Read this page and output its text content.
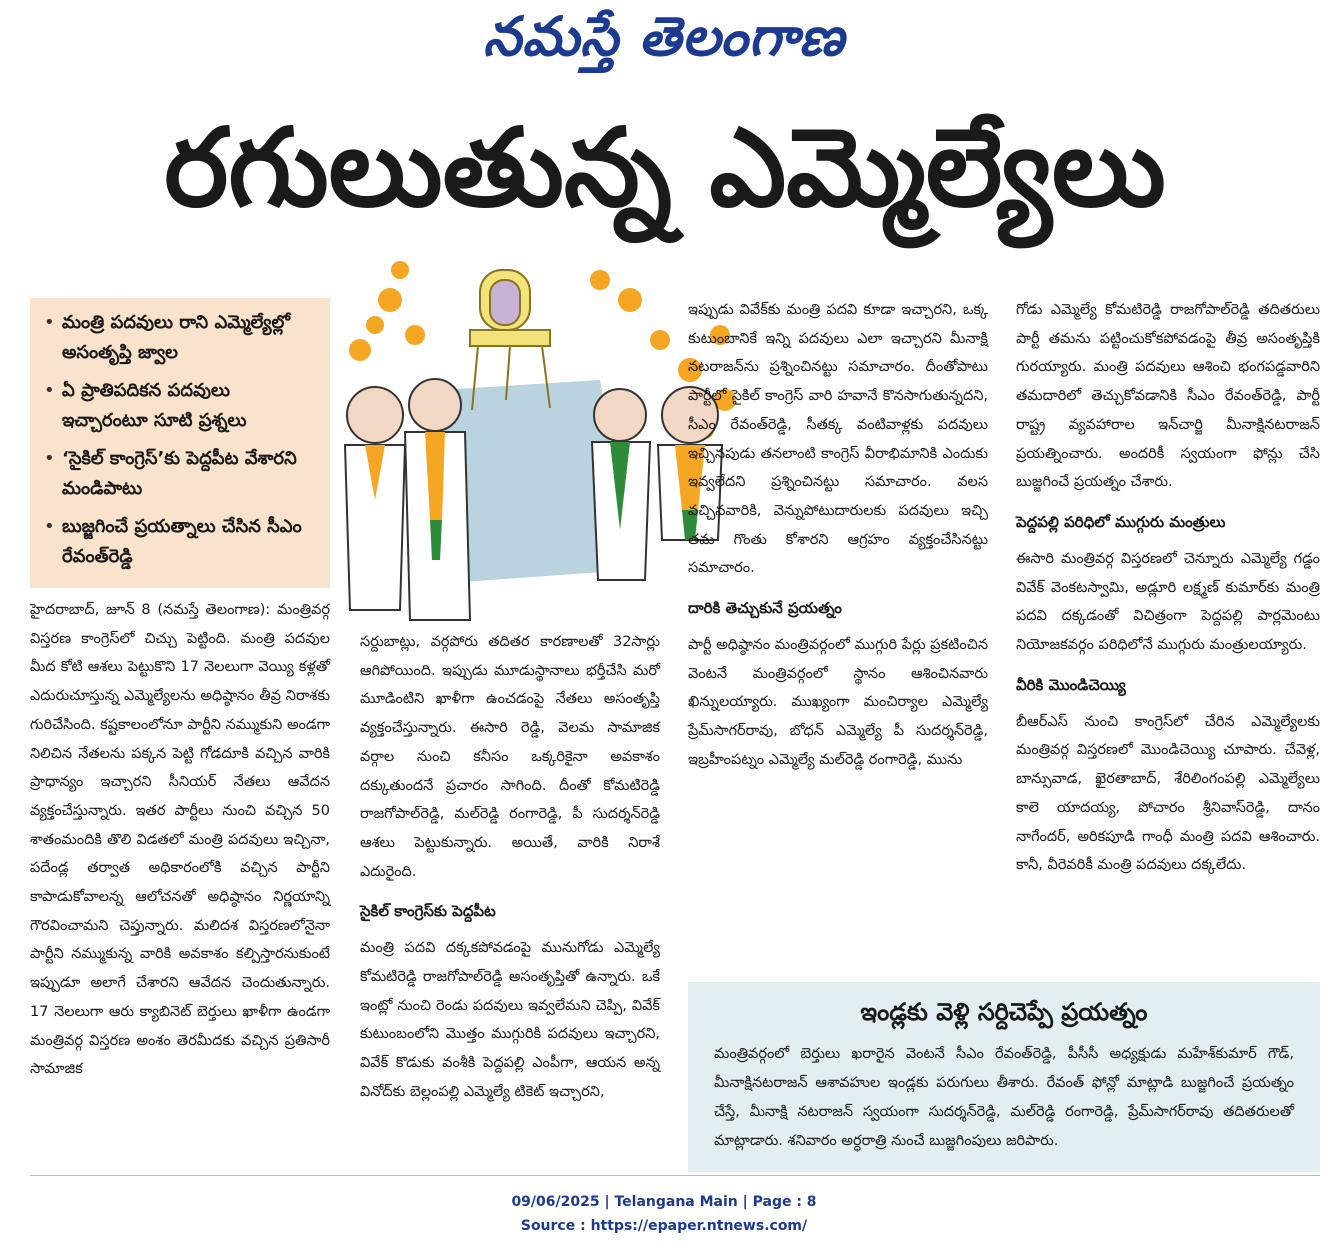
నమస్తే తెలంగాణ
రగులుతున్న ఎమ్మెల్యేలు
• మంత్రి పదవులు రాని ఎమ్మెల్యేల్లో అసంతృప్తి జ్వాల
• ఏ ప్రాతిపదికన పదవులు ఇచ్చారంటూ సూటి ప్రశ్నలు
• ‘సైకిల్ కాంగ్రెస్’కు పెద్దపీట వేశారని మండిపాటు
• బుజ్జగించే ప్రయత్నాలు చేసిన సీఎం రేవంత్‌రెడ్డి

హైదరాబాద్, జూన్ 8 (నమస్తే తెలంగాణ): మంత్రివర్గ విస్తరణ కాంగ్రెస్‌లో చిచ్చు పెట్టింది. మంత్రి పదవుల మీద కోటి ఆశలు పెట్టుకొని 17 నెలలుగా వెయ్యి కళ్లతో ఎదురుచూస్తున్న ఎమ్మెల్యేలను అధిష్ఠానం తీవ్ర నిరాశకు గురిచేసింది. కష్టకాలంలోనూ పార్టీని నమ్ముకుని అండగా నిలిచిన నేతలను పక్కన పెట్టి గోడదూకి వచ్చిన వారికి ప్రాధాన్యం ఇచ్చారని సీనియర్ నేతలు ఆవేదన వ్యక్తంచేస్తున్నారు. ఇతర పార్టీలు నుంచి వచ్చిన 50 శాతంమందికి తొలి విడతలో మంత్రి పదవులు ఇచ్చినా, పదేండ్ల తర్వాత అధికారంలోకి వచ్చిన పార్టీని కాపాడుకోవాలన్న ఆలోచనతో అధిష్ఠానం నిర్ణయాన్ని గౌరవించామని చెప్తున్నారు. మలిదశ విస్తరణలోనైనా పార్టీని నమ్ముకున్న వారికి అవకాశం కల్పిస్తారనుకుంటే ఇప్పుడూ అలాగే చేశారని ఆవేదన చెందుతున్నారు. 17 నెలలుగా ఆరు క్యాబినెట్ బెర్తులు ఖాళీగా ఉండగా మంత్రివర్గ విస్తరణ అంశం తెరమీదకు వచ్చిన ప్రతిసారీ సామాజిక

సర్దుబాట్లు, వర్గపోరు తదితర కారణాలతో 32సార్లు ఆగిపోయింది. ఇప్పుడు మూడుస్థానాలు భర్తీచేసి మరో మూడింటిని ఖాళీగా ఉంచడంపై నేతలు అసంతృప్తి వ్యక్తంచేస్తున్నారు. ఈసారి రెడ్డి, వెలమ సామాజిక వర్గాల నుంచి కనీసం ఒక్కరికైనా అవకాశం దక్కుతుందనే ప్రచారం సాగింది. దీంతో కోమటిరెడ్డి రాజగోపాల్‌రెడ్డి, మల్‌రెడ్డి రంగారెడ్డి, పీ సుదర్శన్‌రెడ్డి ఆశలు పెట్టుకున్నారు. అయితే, వారికి నిరాశే ఎదురైంది.

సైకిల్ కాంగ్రెస్‌కు పెద్దపీట

మంత్రి పదవి దక్కకపోవడంపై మునుగోడు ఎమ్మెల్యే కోమటిరెడ్డి రాజగోపాల్‌రెడ్డి అసంతృప్తితో ఉన్నారు. ఒకే ఇంట్లో నుంచి రెండు పదవులు ఇవ్వలేమని చెప్పి, వివేక్ కుటుంబంలోని మొత్తం ముగ్గురికి పదవులు ఇచ్చారని, వివేక్ కొడుకు వంశీకి పెద్దపల్లి ఎంపీగా, ఆయన అన్న వినోద్‌కు బెల్లంపల్లి ఎమ్మెల్యే టికెట్ ఇచ్చారని,

ఇప్పుడు వివేక్‌కు మంత్రి పదవి కూడా ఇచ్చారని, ఒక్క కుటుంబానికే ఇన్ని పదవులు ఎలా ఇచ్చారని మీనాక్షి నటరాజన్‌ను ప్రశ్నించినట్టు సమాచారం. దీంతోపాటు పార్టీలో సైకిల్ కాంగ్రెస్ వారి హవానే కొనసాగుతున్నదని, సీఎం రేవంత్‌రెడ్డి, సీతక్క వంటివాళ్లకు పదవులు ఇచ్చినపుడు తనలాంటి కాంగ్రెస్ వీరాభిమానికి ఎందుకు ఇవ్వలేదని ప్రశ్నించినట్టు సమాచారం. వలస వచ్చినవారికి, వెన్నుపోటుదారులకు పదవులు ఇచ్చి తమ గొంతు కోశారని ఆగ్రహం వ్యక్తంచేసినట్టు సమాచారం.

దారికి తెచ్చుకునే ప్రయత్నం

పార్టీ అధిష్ఠానం మంత్రివర్గంలో ముగ్గురి పేర్లు ప్రకటించిన వెంటనే మంత్రివర్గంలో స్థానం ఆశించినవారు ఖిన్నులయ్యారు. ముఖ్యంగా మంచిర్యాల ఎమ్మెల్యే ప్రేమ్‌సాగర్‌రావు, బోధన్ ఎమ్మెల్యే పీ సుదర్శన్‌రెడ్డి, ఇబ్రహీంపట్నం ఎమ్మెల్యే మల్‌రెడ్డి రంగారెడ్డి, మును

గోడు ఎమ్మెల్యే కోమటిరెడ్డి రాజగోపాల్‌రెడ్డి తదితరులు పార్టీ తమను పట్టించుకోకపోవడంపై తీవ్ర అసంతృప్తికి గురయ్యారు. మంత్రి పదవులు ఆశించి భంగపడ్డవారిని తమదారిలో తెచ్చుకోవడానికి సీఎం రేవంత్‌రెడ్డి, పార్టీ రాష్ట్ర వ్యవహారాల ఇన్‌చార్జి మీనాక్షినటరాజన్ ప్రయత్నించారు. అందరికీ స్వయంగా ఫోన్లు చేసి బుజ్జగించే ప్రయత్నం చేశారు.

పెద్దపల్లి పరిధిలో ముగ్గురు మంత్రులు

ఈసారి మంత్రివర్గ విస్తరణలో చెన్నూరు ఎమ్మెల్యే గడ్డం వివేక్ వెంకటస్వామి, అడ్లూరి లక్ష్మణ్ కుమార్‌కు మంత్రి పదవి దక్కడంతో విచిత్రంగా పెద్దపల్లి పార్లమెంటు నియోజకవర్గం పరిధిలోనే ముగ్గురు మంత్రులయ్యారు.

వీరికి మొండిచెయ్యి

బీఆర్‌ఎస్ నుంచి కాంగ్రెస్‌లో చేరిన ఎమ్మెల్యేలకు మంత్రివర్గ విస్తరణలో మొండిచెయ్యి చూపారు. చేవెళ్ల, బాన్సువాడ, ఖైరతాబాద్, శేరిలింగంపల్లి ఎమ్మెల్యేలు కాలె యాదయ్య, పోచారం శ్రీనివాస్‌రెడ్డి, దానం నాగేందర్, అరికపూడి గాంధీ మంత్రి పదవి ఆశించారు. కానీ, వీరెవరికీ మంత్రి పదవులు దక్కలేదు.

ఇండ్లకు వెళ్లి సర్దిచెప్పే ప్రయత్నం
మంత్రివర్గంలో బెర్తులు ఖరారైన వెంటనే సీఎం రేవంత్‌రెడ్డి, పీసీసీ అధ్యక్షుడు మహేశ్‌కుమార్ గౌడ్, మీనాక్షినటరాజన్ ఆశావహుల ఇండ్లకు పరుగులు తీశారు. రేవంత్ ఫోన్లో మాట్లాడి బుజ్జగించే ప్రయత్నం చేస్తే, మీనాక్షి నటరాజన్ స్వయంగా సుదర్శన్‌రెడ్డి, మల్‌రెడ్డి రంగారెడ్డి, ప్రేమ్‌సాగర్‌రావు తదితరులతో మాట్లాడారు. శనివారం అర్ధరాత్రి నుంచే బుజ్జగింపులు జరిపారు.
09/06/2025 | Telangana Main | Page : 8
Source : https://epaper.ntnews.com/
